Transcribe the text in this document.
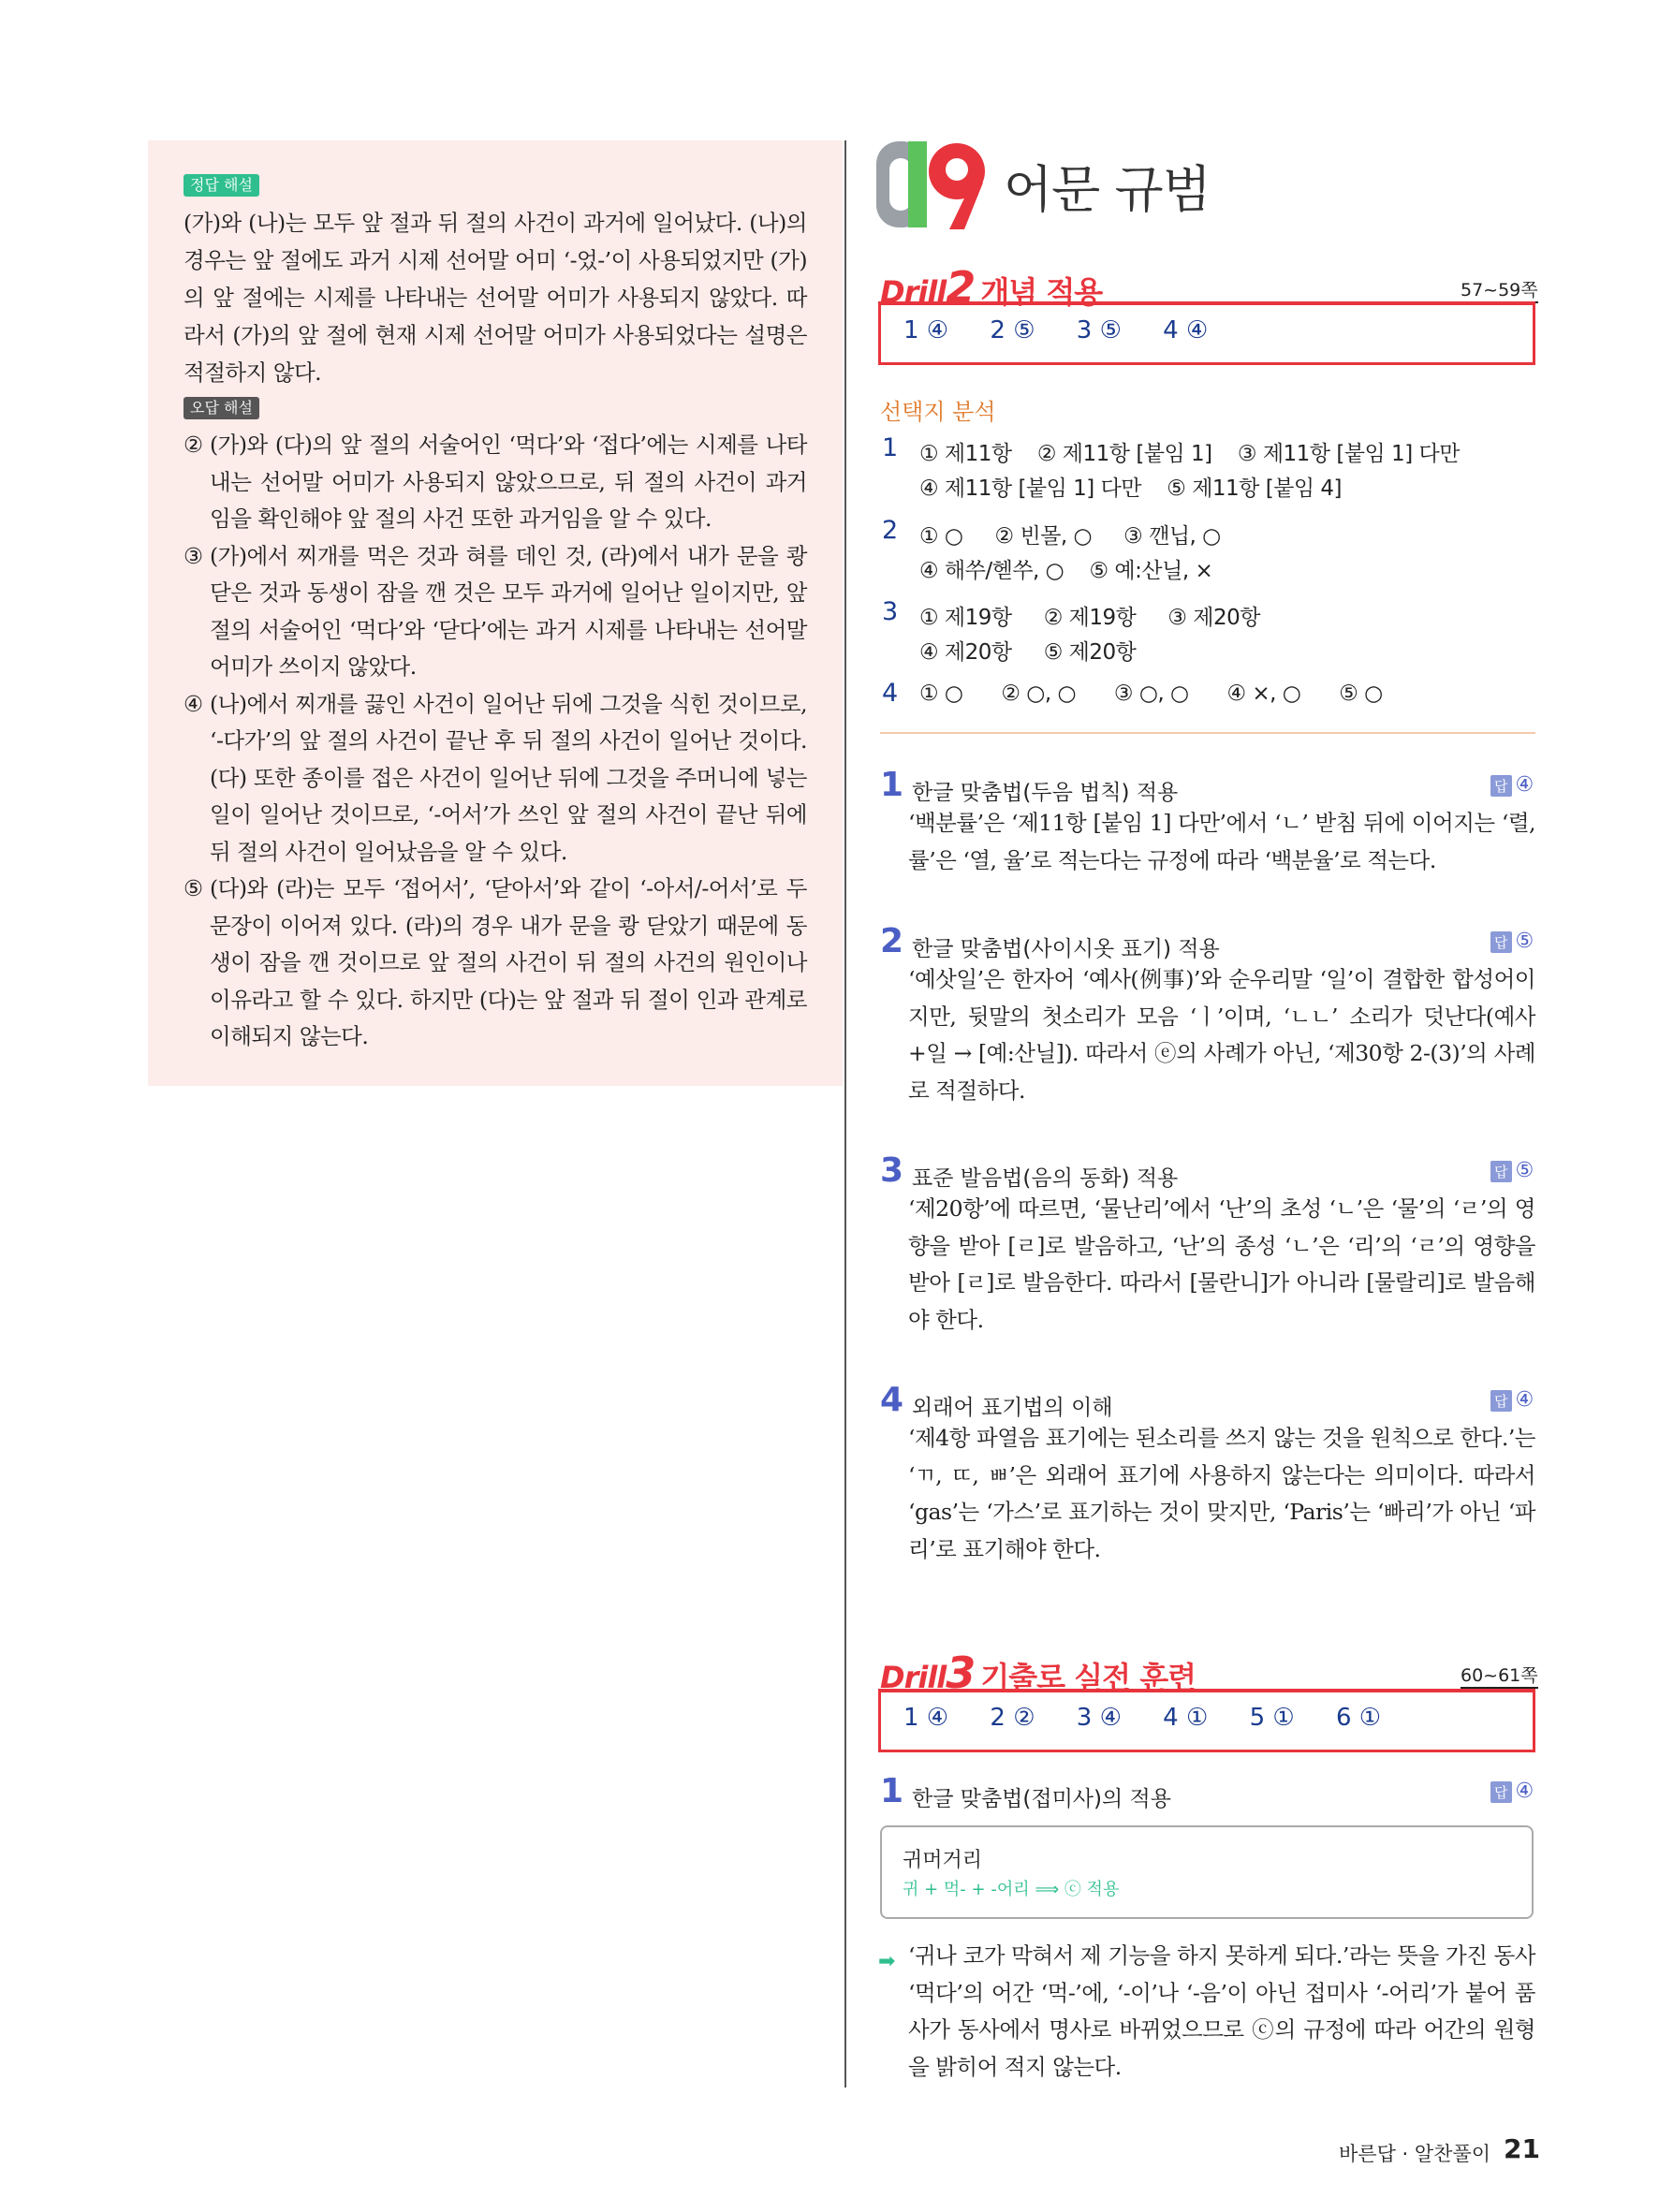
정답 해설

(가)와 (나)는 모두 앞 절과 뒤 절의 사건이 과거에 일어났다. (나)의 경우는 앞 절에도 과거 시제 선어말 어미 ‘-었-’이 사용되었지만 (가)의 앞 절에는 시제를 나타내는 선어말 어미가 사용되지 않았다. 따라서 (가)의 앞 절에 현재 시제 선어말 어미가 사용되었다는 설명은 적절하지 않다.

오답 해설

② (가)와 (다)의 앞 절의 서술어인 ‘먹다’와 ‘접다’에는 시제를 나타내는 선어말 어미가 사용되지 않았으므로, 뒤 절의 사건이 과거임을 확인해야 앞 절의 사건 또한 과거임을 알 수 있다.

③ (가)에서 찌개를 먹은 것과 혀를 데인 것, (라)에서 내가 문을 쾅 닫은 것과 동생이 잠을 깬 것은 모두 과거에 일어난 일이지만, 앞 절의 서술어인 ‘먹다’와 ‘닫다’에는 과거 시제를 나타내는 선어말 어미가 쓰이지 않았다.

④ (나)에서 찌개를 끓인 사건이 일어난 뒤에 그것을 식힌 것이므로, ‘-다가’의 앞 절의 사건이 끝난 후 뒤 절의 사건이 일어난 것이다. (다) 또한 종이를 접은 사건이 일어난 뒤에 그것을 주머니에 넣는 일이 일어난 것이므로, ‘-어서’가 쓰인 앞 절의 사건이 끝난 뒤에 뒤 절의 사건이 일어났음을 알 수 있다.

⑤ (다)와 (라)는 모두 ‘접어서’, ‘닫아서’와 같이 ‘-아서/-어서’로 두 문장이 이어져 있다. (라)의 경우 내가 문을 쾅 닫았기 때문에 동생이 잠을 깬 것이므로 앞 절의 사건이 뒤 절의 사건의 원인이나 이유라고 할 수 있다. 하지만 (다)는 앞 절과 뒤 절이 인과 관계로 이해되지 않는다.

어문 규범
Drill2 개념 적용	57~59쪽
1 ④ 2 ⑤ 3 ⑤ 4 ④
선택지 분석
1 ① 제11항    ② 제11항 [붙임 1]    ③ 제11항 [붙임 1] 다만
④ 제11항 [붙임 1] 다만    ⑤ 제11항 [붙임 4]
2 ① ○     ② 빈몰, ○     ③ 깬닙, ○
④ 해쑤/헫쑤, ○    ⑤ 예:산닐, ×
3 ① 제19항     ② 제19항     ③ 제20항
④ 제20항     ⑤ 제20항
4 ① ○      ② ○, ○      ③ ○, ○      ④ ×, ○      ⑤ ○
1 한글 맞춤법(두음 법칙) 적용	답 ④

‘백분률’은 ‘제11항 [붙임 1] 다만’에서 ‘ㄴ’ 받침 뒤에 이어지는 ‘렬, 률’은 ‘열, 율’로 적는다는 규정에 따라 ‘백분율’로 적는다.

2 한글 맞춤법(사이시옷 표기) 적용	답 ⑤

‘예삿일’은 한자어 ‘예사(例事)’와 순우리말 ‘일’이 결합한 합성어이지만, 뒷말의 첫소리가 모음 ‘ㅣ’이며, ‘ㄴㄴ’ 소리가 덧난다(예사+일 → [예:산닐]). 따라서 ⓔ의 사례가 아닌, ‘제30항 2-(3)’의 사례로 적절하다.

3 표준 발음법(음의 동화) 적용	답 ⑤

‘제20항’에 따르면, ‘물난리’에서 ‘난’의 초성 ‘ㄴ’은 ‘물’의 ‘ㄹ’의 영향을 받아 [ㄹ]로 발음하고, ‘난’의 종성 ‘ㄴ’은 ‘리’의 ‘ㄹ’의 영향을 받아 [ㄹ]로 발음한다. 따라서 [물란니]가 아니라 [물랄리]로 발음해야 한다.

4 외래어 표기법의 이해	답 ④

‘제4항 파열음 표기에는 된소리를 쓰지 않는 것을 원칙으로 한다.’는 ‘ㄲ, ㄸ, ㅃ’은 외래어 표기에 사용하지 않는다는 의미이다. 따라서 ‘gas’는 ‘가스’로 표기하는 것이 맞지만, ‘Paris’는 ‘빠리’가 아닌 ‘파리’로 표기해야 한다.

Drill3 기출로 실전 훈련	60~61쪽
1 ④ 2 ② 3 ④ 4 ① 5 ① 6 ①
1 한글 맞춤법(접미사)의 적용	답 ④
귀머거리
귀 + 먹- + -어리 ⟹ ⓒ 적용
➡ ‘귀나 코가 막혀서 제 기능을 하지 못하게 되다.’라는 뜻을 가진 동사 ‘먹다’의 어간 ‘먹-’에, ‘-이’나 ‘-음’이 아닌 접미사 ‘-어리’가 붙어 품사가 동사에서 명사로 바뀌었으므로 ⓒ의 규정에 따라 어간의 원형을 밝히어 적지 않는다.

바른답 · 알찬풀이 21
